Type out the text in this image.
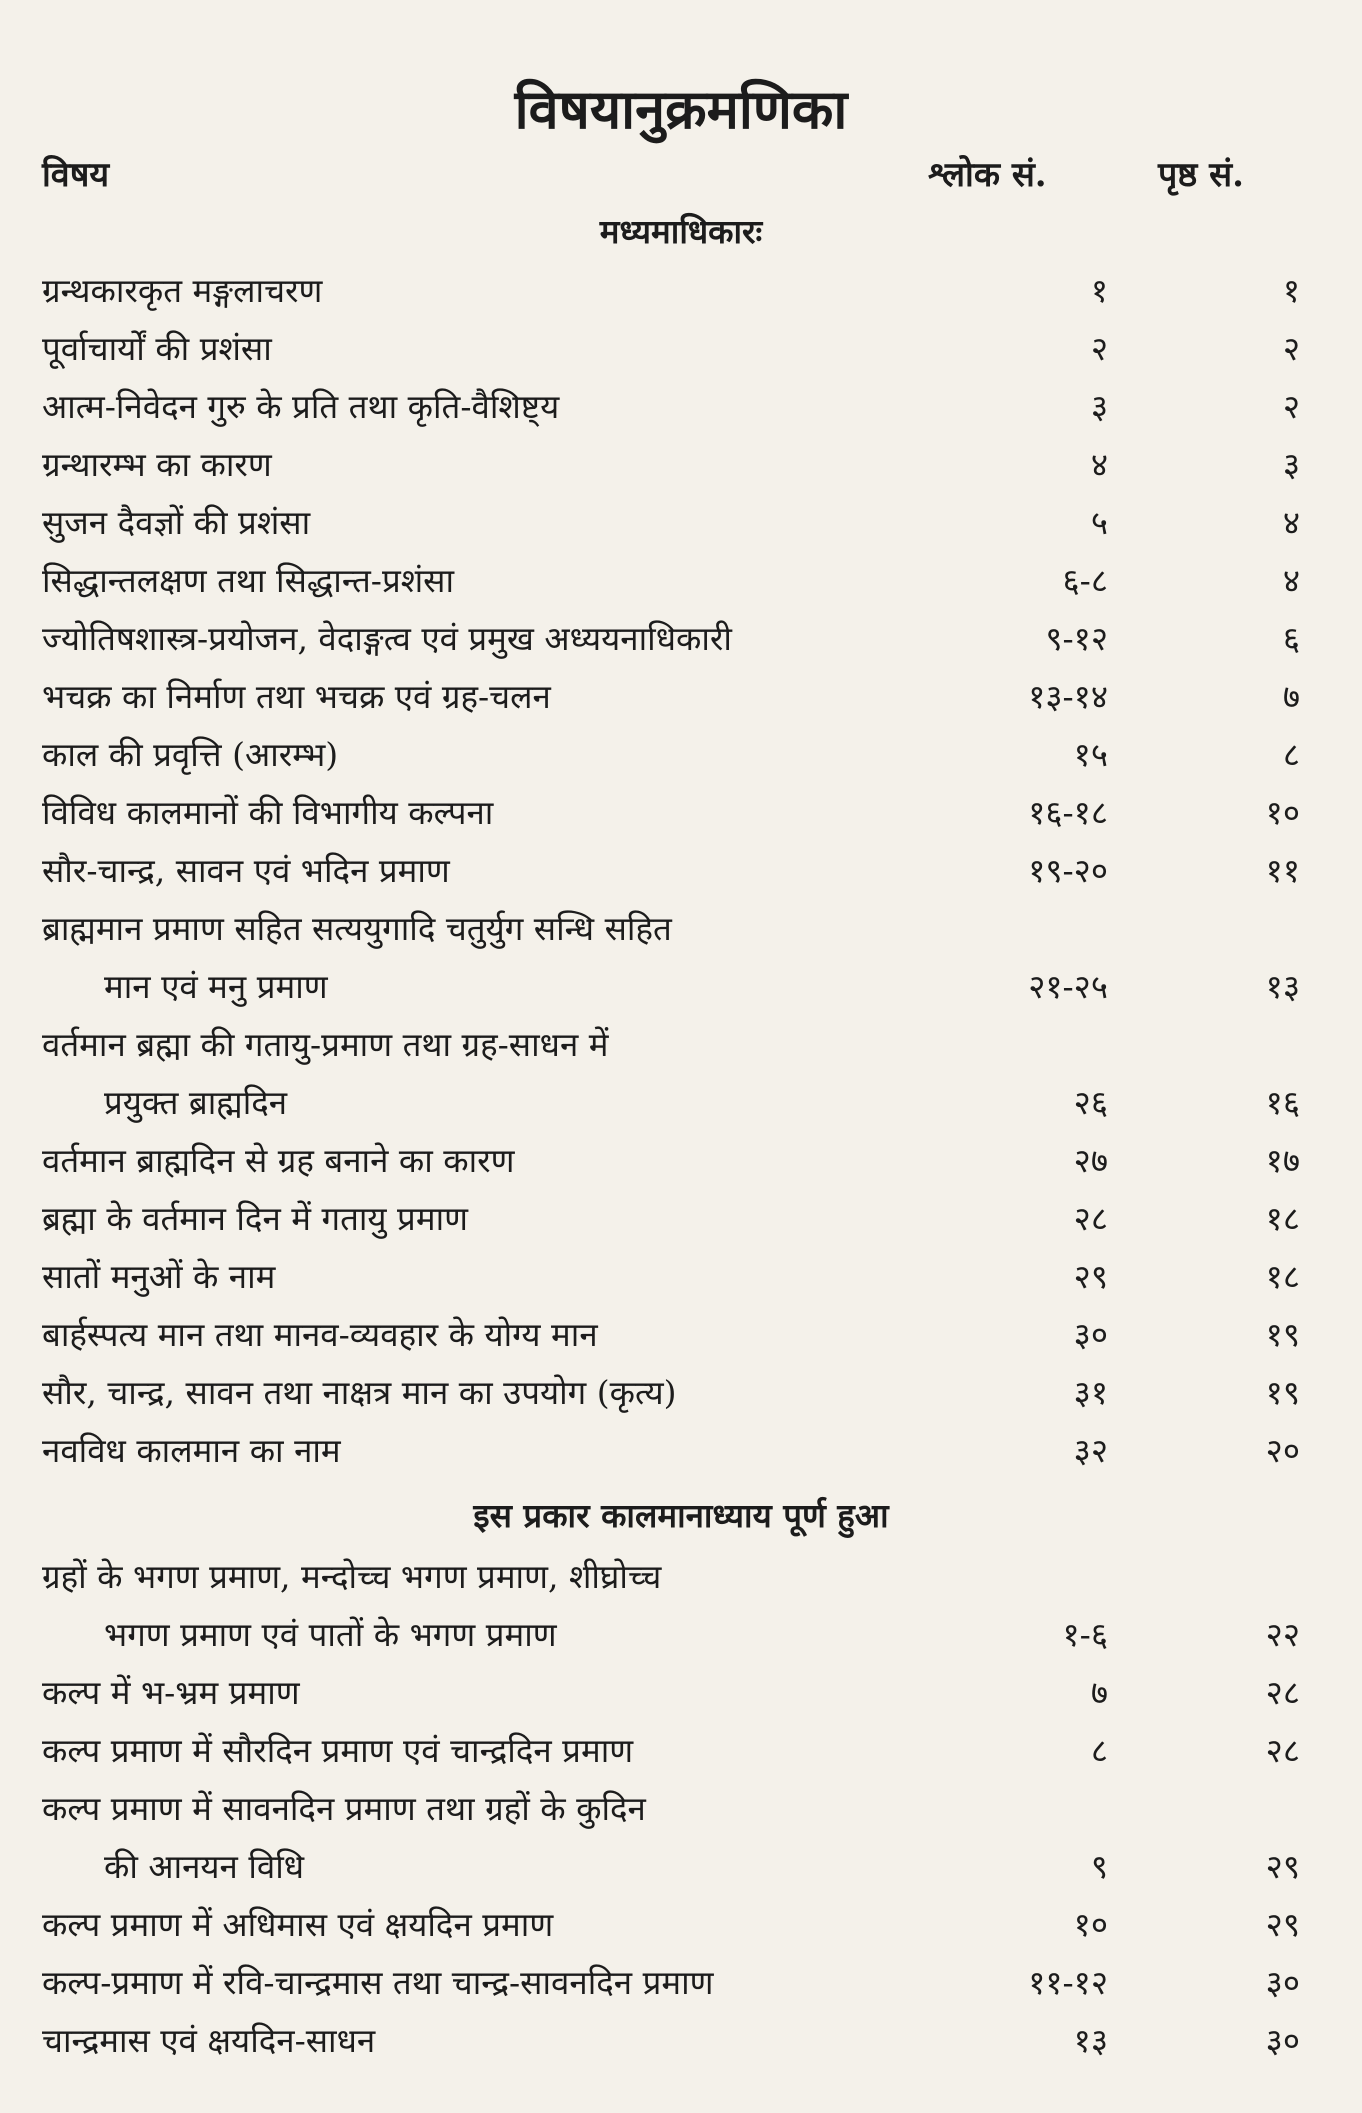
विषयानुक्रमणिका
विषय	श्लोक सं.	पृष्ठ सं.
मध्यमाधिकारः
इस प्रकार कालमानाध्याय पूर्ण हुआ
ग्रन्थकारकृत मङ्गलाचरण	१	१
पूर्वाचार्यों की प्रशंसा	२	२
आत्म-निवेदन गुरु के प्रति तथा कृति-वैशिष्ट्य	३	२
ग्रन्थारम्भ का कारण	४	३
सुजन दैवज्ञों की प्रशंसा	५	४
सिद्धान्तलक्षण तथा सिद्धान्त-प्रशंसा	६-८	४
ज्योतिषशास्त्र-प्रयोजन, वेदाङ्गत्व एवं प्रमुख अध्ययनाधिकारी	९-१२	६
भचक्र का निर्माण तथा भचक्र एवं ग्रह-चलन	१३-१४	७
काल की प्रवृत्ति (आरम्भ)	१५	८
विविध कालमानों की विभागीय कल्पना	१६-१८	१०
सौर-चान्द्र, सावन एवं भदिन प्रमाण	१९-२०	११
ब्राह्ममान प्रमाण सहित सत्ययुगादि चतुर्युग सन्धि सहित
मान एवं मनु प्रमाण	२१-२५	१३
वर्तमान ब्रह्मा की गतायु-प्रमाण तथा ग्रह-साधन में
प्रयुक्त ब्राह्मदिन	२६	१६
वर्तमान ब्राह्मदिन से ग्रह बनाने का कारण	२७	१७
ब्रह्मा के वर्तमान दिन में गतायु प्रमाण	२८	१८
सातों मनुओं के नाम	२९	१८
बार्हस्पत्य मान तथा मानव-व्यवहार के योग्य मान	३०	१९
सौर, चान्द्र, सावन तथा नाक्षत्र मान का उपयोग (कृत्य)	३१	१९
नवविध कालमान का नाम	३२	२०
ग्रहों के भगण प्रमाण, मन्दोच्च भगण प्रमाण, शीघ्रोच्च
भगण प्रमाण एवं पातों के भगण प्रमाण	१-६	२२
कल्प में भ-भ्रम प्रमाण	७	२८
कल्प प्रमाण में सौरदिन प्रमाण एवं चान्द्रदिन प्रमाण	८	२८
कल्प प्रमाण में सावनदिन प्रमाण तथा ग्रहों के कुदिन
की आनयन विधि	९	२९
कल्प प्रमाण में अधिमास एवं क्षयदिन प्रमाण	१०	२९
कल्प-प्रमाण में रवि-चान्द्रमास तथा चान्द्र-सावनदिन प्रमाण	११-१२	३०
चान्द्रमास एवं क्षयदिन-साधन	१३	३०
